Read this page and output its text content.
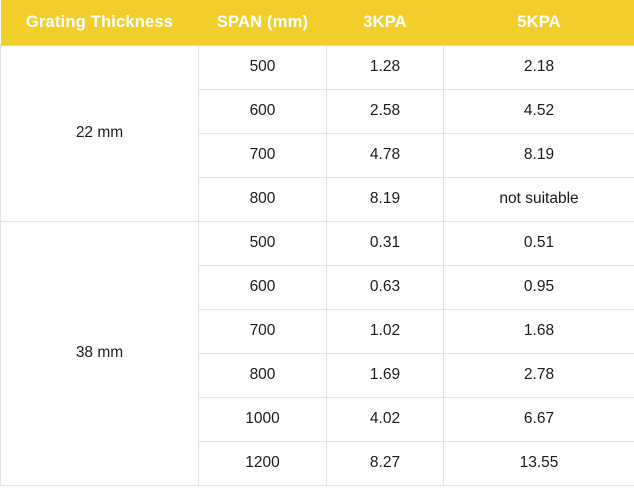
Grating Thickness	SPAN (mm)	3KPA	5KPA
22 mm	500	1.28	2.18
	600	2.58	4.52
	700	4.78	8.19
	800	8.19	not suitable
38 mm	500	0.31	0.51
	600	0.63	0.95
	700	1.02	1.68
	800	1.69	2.78
	1000	4.02	6.67
	1200	8.27	13.55
